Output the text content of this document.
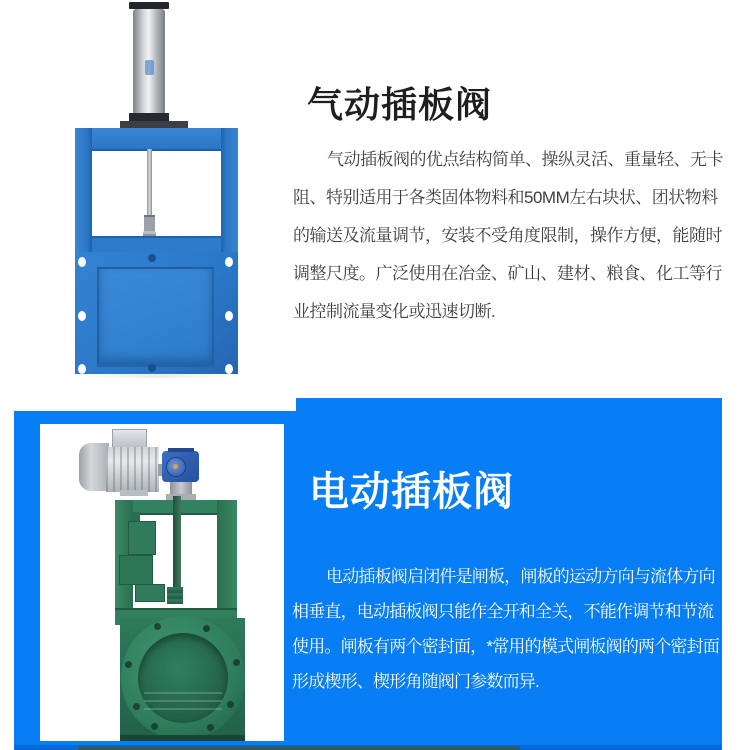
气动插板阀
气动插板阀的优点结构简单、操纵灵活、重量轻、无卡
阻、特别适用于各类固体物料和50MM左右块状、团状物料
的输送及流量调节，安装不受角度限制，操作方便，能随时
调整尺度。广泛使用在冶金、矿山、建材、粮食、化工等行
业控制流量变化或迅速切断.
电动插板阀
电动插板阀启闭件是闸板，闸板的运动方向与流体方向
相垂直，电动插板阀只能作全开和全关，不能作调节和节流
使用。闸板有两个密封面，*常用的模式闸板阀的两个密封面
形成楔形、楔形角随阀门参数而异.
